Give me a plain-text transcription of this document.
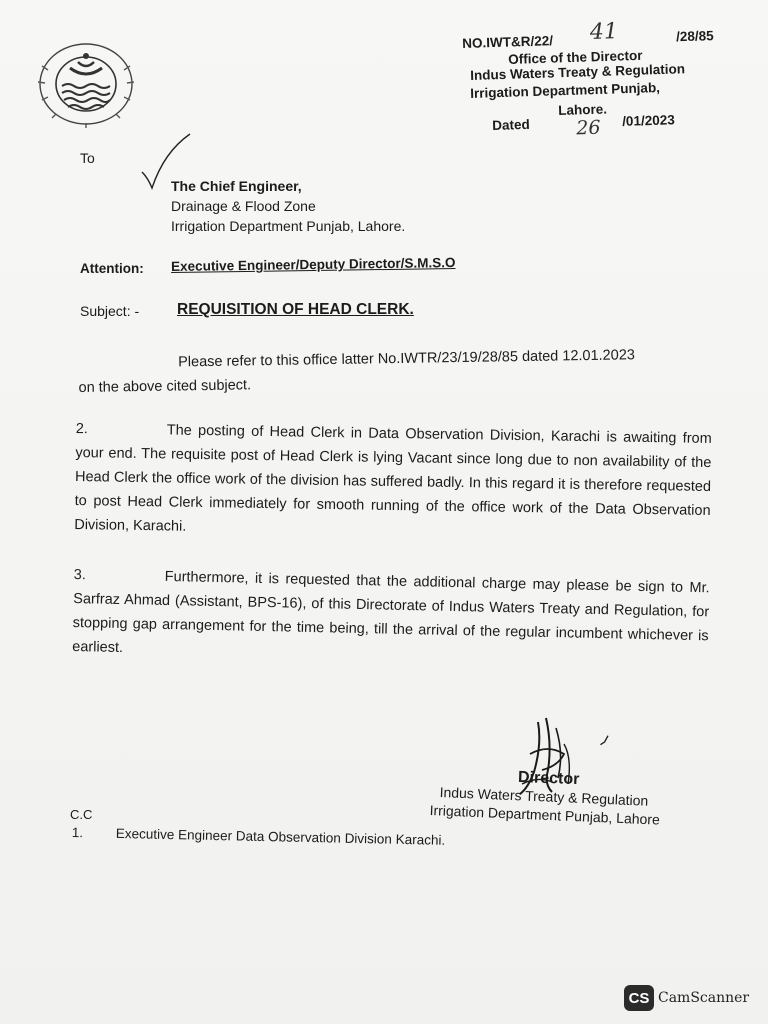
NO.IWT&R/22/ 41	/28/85
Office of the Director
Indus Waters Treaty & Regulation
Irrigation Department Punjab,
Lahore.
Dated 26 /01/2023
To
The Chief Engineer,
Drainage & Flood Zone
Irrigation Department Punjab, Lahore.
Attention: Executive Engineer/Deputy Director/S.M.S.O
Subject: - REQUISITION OF HEAD CLERK.
Please refer to this office latter No.IWTR/23/19/28/85 dated 12.01.2023
on the above cited subject.
2.	The posting of Head Clerk in Data Observation Division, Karachi is awaiting from your end. The requisite post of Head Clerk is lying Vacant since long due to non availability of the Head Clerk the office work of the division has suffered badly. In this regard it is therefore requested to post Head Clerk immediately for smooth running of the office work of the Data Observation Division, Karachi.
3.	Furthermore, it is requested that the additional charge may please be sign to Mr. Sarfraz Ahmad (Assistant, BPS-16), of this Directorate of Indus Waters Treaty and Regulation, for stopping gap arrangement for the time being, till the arrival of the regular incumbent whichever is earliest.
Director
Indus Waters Treaty & Regulation
Irrigation Department Punjab, Lahore
C.C
1. Executive Engineer Data Observation Division Karachi.
CS CamScanner
